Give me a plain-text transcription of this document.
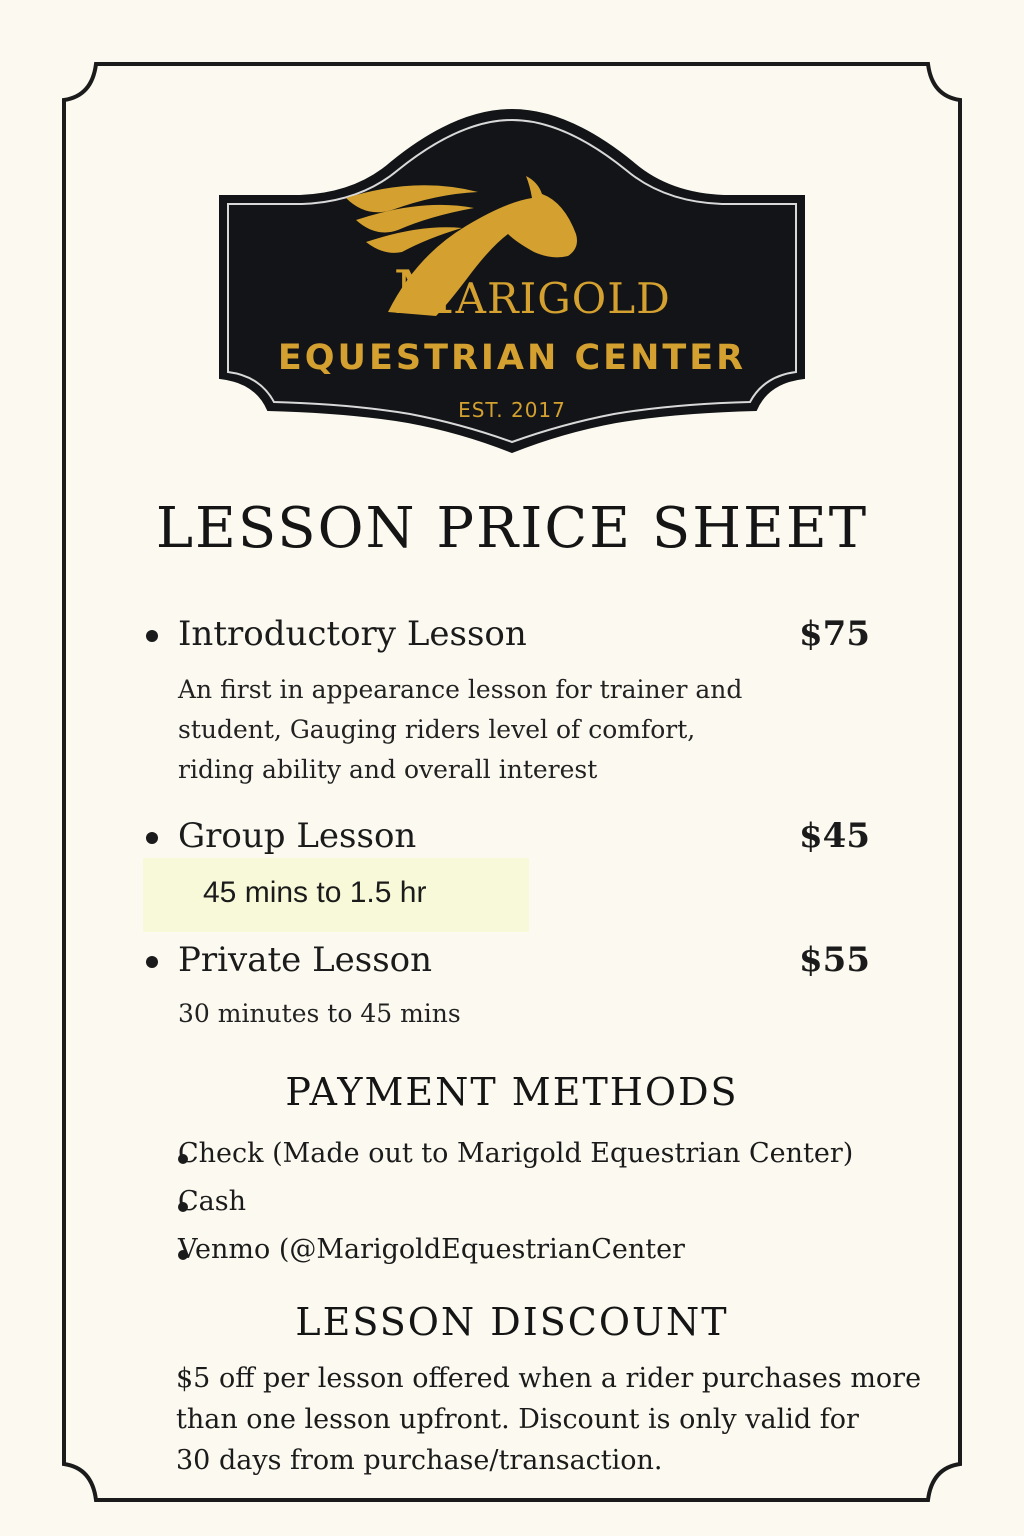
Marigold
EQUESTRIAN CENTER
EST. 2017
LESSON PRICE SHEET
Introductory Lesson	$75
An first in appearance lesson for trainer and
student, Gauging riders level of comfort,
riding ability and overall interest
Group Lesson	$45
45 mins to 1.5 hr
Private Lesson	$55
30 minutes to 45 mins
PAYMENT METHODS
Check (Made out to Marigold Equestrian Center)
Cash
Venmo (@MarigoldEquestrianCenter
LESSON DISCOUNT
$5 off per lesson offered when a rider purchases more
than one lesson upfront. Discount is only valid for
30 days from purchase/transaction.
